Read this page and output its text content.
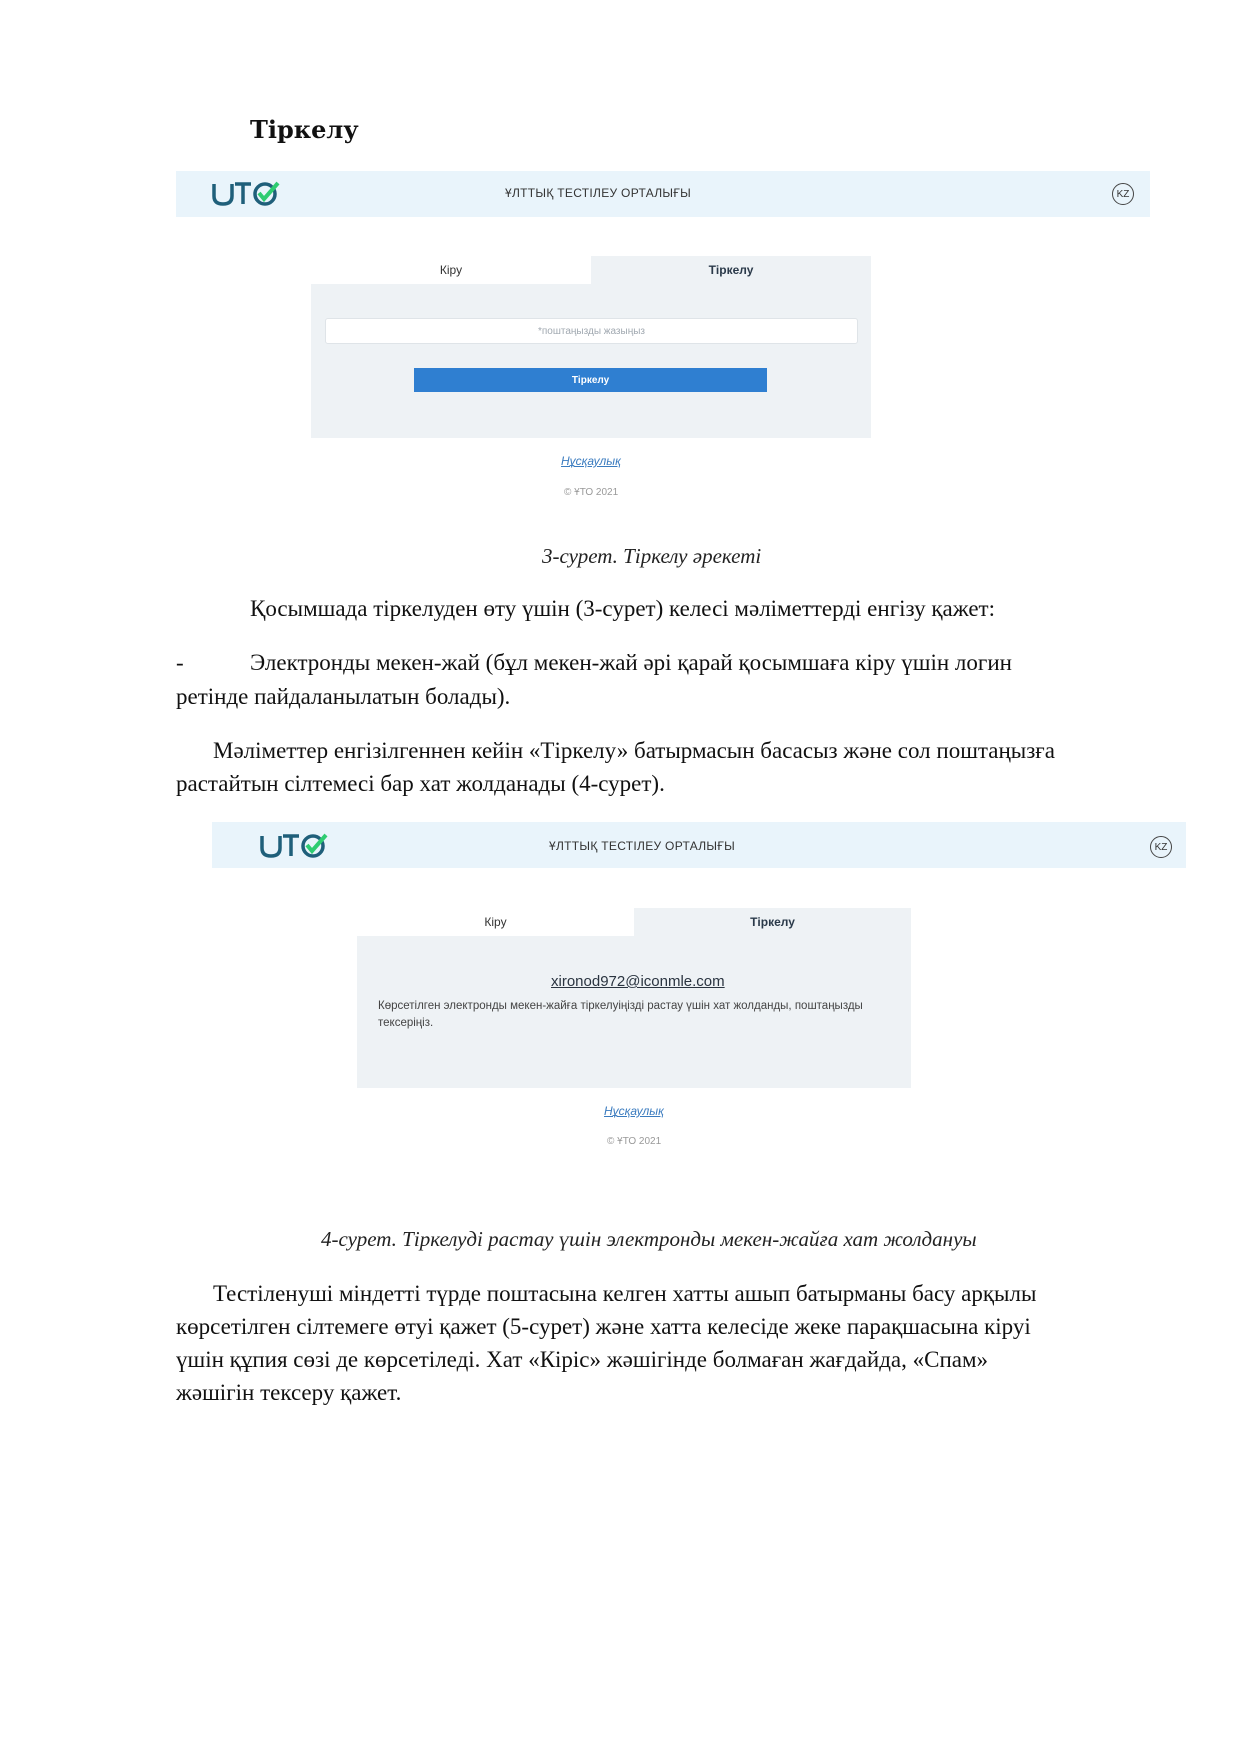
Тіркелу
ҰЛТТЫҚ ТЕСТІЛЕУ ОРТАЛЫҒЫ	KZ
Кіру	Тіркелу
*поштаңызды жазыңыз
Тіркелу
Нұсқаулық
© ҰТО 2021
3-сурет. Тіркелу әрекеті
Қосымшада тіркелуден өту үшін (3-сурет) келесі мәліметтерді енгізу қажет:
-	Электронды мекен-жай (бұл мекен-жай әрі қарай қосымшаға кіру үшін логин
ретінде пайдаланылатын болады).
Мәліметтер енгізілгеннен кейін «Тіркелу» батырмасын басасыз және сол поштаңызға
растайтын сілтемесі бар хат жолданады (4-сурет).
ҰЛТТЫҚ ТЕСТІЛЕУ ОРТАЛЫҒЫ	KZ
Кіру	Тіркелу
xironod972@iconmle.com
Көрсетілген электронды мекен-жайға тіркелуіңізді растау үшін хат жолданды, поштаңызды
тексеріңіз.
Нұсқаулық
© ҰТО 2021
4-сурет. Тіркелуді растау үшін электронды мекен-жайға хат жолдануы
Тестіленуші міндетті түрде поштасына келген хатты ашып батырманы басу арқылы
көрсетілген сілтемеге өтуі қажет (5-сурет) және хатта келесіде жеке парақшасына кіруі
үшін құпия сөзі де көрсетіледі. Хат «Кіріс» жәшігінде болмаған жағдайда, «Спам»
жәшігін тексеру қажет.
